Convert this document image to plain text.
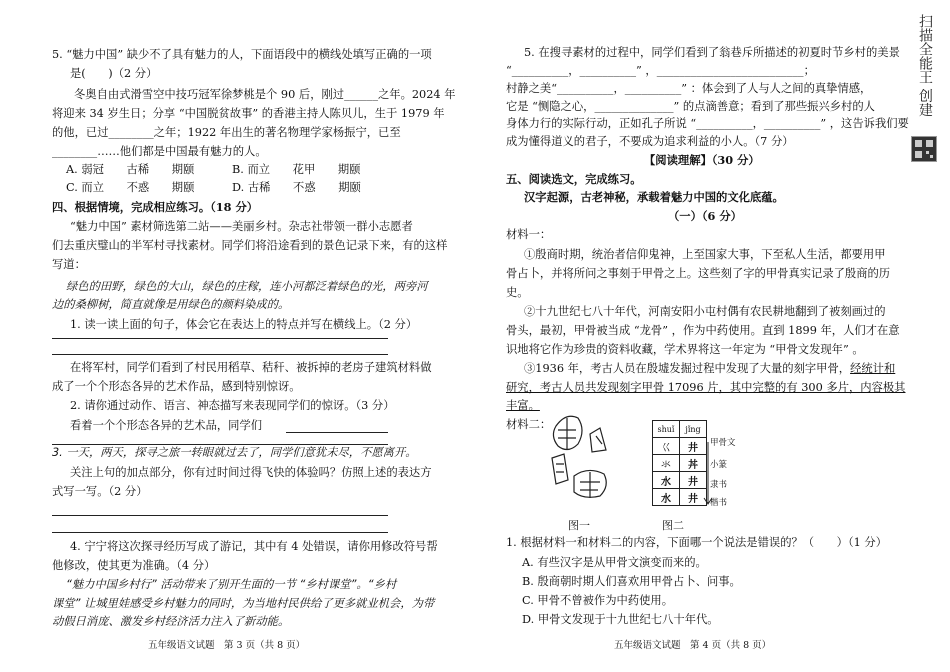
5. “魅力中国” 缺少不了具有魅力的人，下面语段中的横线处填写正确的一项
是(　　)（2 分）
冬奥自由式滑雪空中技巧冠军徐梦桃是个 90 后，刚过______之年。2024 年
将迎来 34 岁生日；分享 “中国脱贫故事” 的香港主持人陈贝儿，生于 1979 年
的他，已过________之年；1922 年出生的著名物理学家杨振宁，已至
________……他们都是中国最有魅力的人。
A. 弱冠　　古稀　　期颐	B. 而立　　花甲　　期颐
C. 而立　　不惑　　期颐	D. 古稀　　不惑　　期颐
四、根据情境，完成相应练习。（18 分）
“魅力中国” 素材筛选第二站——美丽乡村。杂志社带领一群小志愿者
们去重庆璧山的半军村寻找素材。同学们将沿途看到的景色记录下来，有的这样
写道：
绿色的田野，绿色的大山，绿色的庄稼，连小河都泛着绿色的光，两旁河
边的桑柳树，简直就像是用绿色的颜料染成的。
1. 读一读上面的句子，体会它在表达上的特点并写在横线上。（2 分）
在将军村，同学们看到了村民用稻草、秸秆、被拆掉的老房子建筑材料做
成了一个个形态各异的艺术作品，感到特别惊讶。
2. 请你通过动作、语言、神态描写来表现同学们的惊讶。（3 分）
看着一个个形态各异的艺术品，同学们
3. 一天，两天，探寻之旅一转眼就过去了，同学们意犹未尽，不愿离开。
关注上句的加点部分，你有过时间过得飞快的体验吗？仿照上述的表达方
式写一写。（2 分）
4. 宁宁将这次探寻经历写成了游记，其中有 4 处错误，请你用修改符号帮
他修改，使其更为准确。（4 分）
“魅力中国乡村行” 活动带来了别开生面的一节 “乡村课堂”。“乡村
课堂” 让城里娃感受乡村魅力的同时，为当地村民供给了更多就业机会，为带
动假日消庞、激发乡村经济活力注入了新动能。
五年级语文试题　第 3 页（共 8 页）
5. 在搜寻素材的过程中，同学们看到了翁巷斥所描述的初夏时节乡村的美景
“__________，__________” ，__________________________；
村静之美“__________，__________” ：体会到了人与人之间的真挚情感，
它是 “恻隐之心，______________” 的点滴善意；看到了那些振兴乡村的人
身体力行的实际行动，正如孔子所说 “__________，__________” ，这告诉我们要
成为懂得道义的君子，不要成为追求利益的小人。（7 分）
【阅读理解】（30 分）
五、阅读选文，完成练习。
汉字起源，古老神秘，承载着魅力中国的文化底蕴。
（一）（6 分）
材料一：
①殷商时期，统治者信仰鬼神，上至国家大事，下至私人生活，都要用甲
骨占卜，并将所问之事刻于甲骨之上。这些刻了字的甲骨真实记录了殷商的历
史。
②十九世纪七八十年代，河南安阳小屯村偶有农民耕地翻到了被刻画过的
骨头，最初，甲骨被当成 “龙骨” ，作为中药使用。直到 1899 年，人们才在意
识地将它作为珍贵的资料收藏，学术界将这一年定为 “甲骨文发现年” 。
③1936 年，考古人员在殷墟发掘过程中发现了大量的刻字甲骨，经统计和
研究，考古人员共发现刻字甲骨 17096 片，其中完整的有 300 多片，内容极其
丰富。
材料二：
图一
shuǐ	jǐng
巜	井
氺	丼
水	井
水	井
甲骨文
小篆
隶书
楷书
图二
1. 根据材料一和材料二的内容，下面哪一个说法是错误的？（　　）（1 分）
A. 有些汉字是从甲骨文演变而来的。
B. 殷商朝时期人们喜欢用甲骨占卜、问事。
C. 甲骨不曾被作为中药使用。
D. 甲骨文发现于十九世纪七八十年代。
五年级语文试题　第 4 页（共 8 页）
扫描全能王 创建
